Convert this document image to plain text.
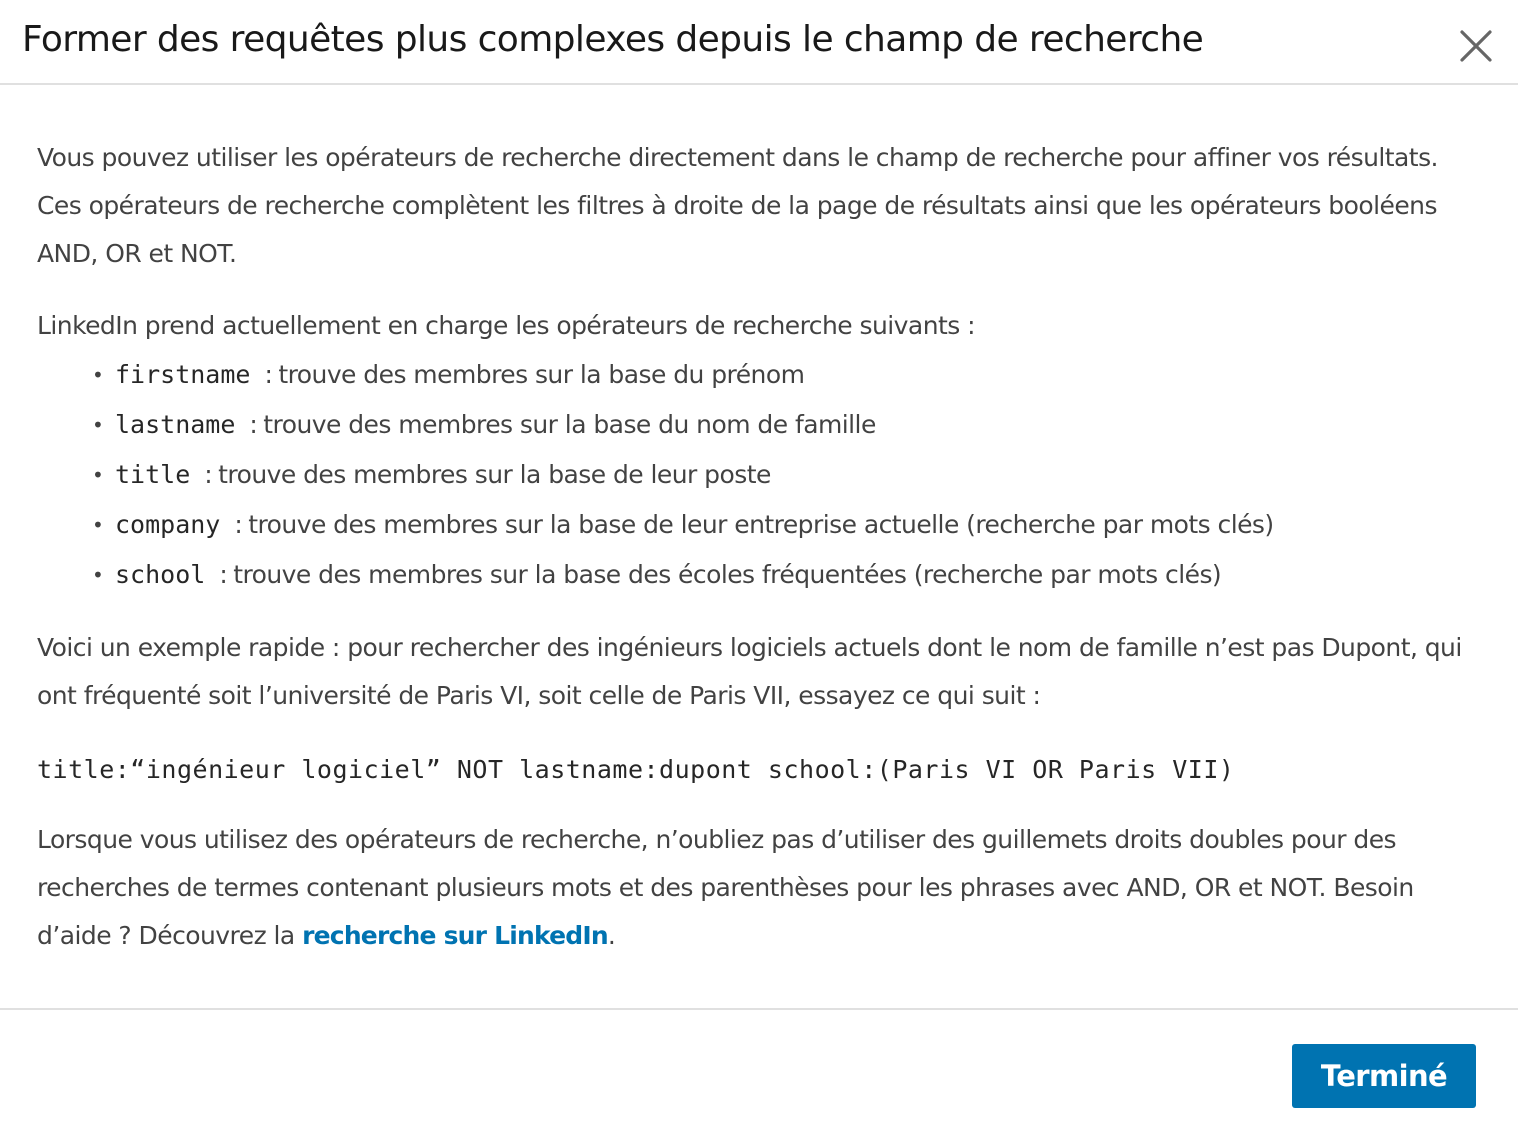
Former des requêtes plus complexes depuis le champ de recherche

Vous pouvez utiliser les opérateurs de recherche directement dans le champ de recherche pour affiner vos résultats. Ces opérateurs de recherche complètent les filtres à droite de la page de résultats ainsi que les opérateurs booléens AND, OR et NOT.

LinkedIn prend actuellement en charge les opérateurs de recherche suivants :

• firstname : trouve des membres sur la base du prénom
• lastname : trouve des membres sur la base du nom de famille
• title : trouve des membres sur la base de leur poste
• company : trouve des membres sur la base de leur entreprise actuelle (recherche par mots clés)
• school : trouve des membres sur la base des écoles fréquentées (recherche par mots clés)

Voici un exemple rapide : pour rechercher des ingénieurs logiciels actuels dont le nom de famille n’est pas Dupont, qui ont fréquenté soit l’université de Paris VI, soit celle de Paris VII, essayez ce qui suit :

title:“ingénieur logiciel” NOT lastname:dupont school:(Paris VI OR Paris VII)

Lorsque vous utilisez des opérateurs de recherche, n’oubliez pas d’utiliser des guillemets droits doubles pour des recherches de termes contenant plusieurs mots et des parenthèses pour les phrases avec AND, OR et NOT. Besoin d’aide ? Découvrez la recherche sur LinkedIn.

Terminé
